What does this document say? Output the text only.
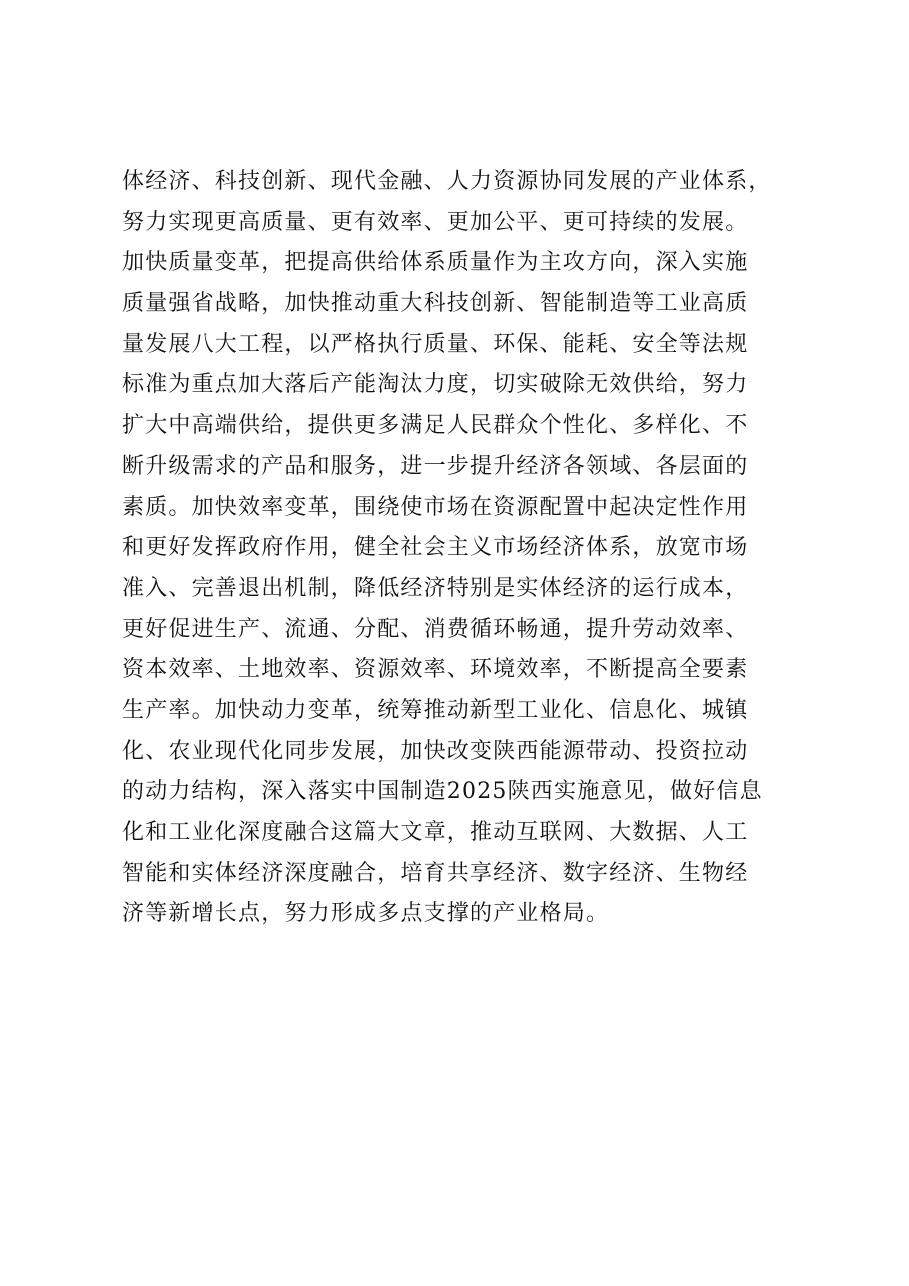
体经济、科技创新、现代金融、人力资源协同发展的产业体系，
努力实现更高质量、更有效率、更加公平、更可持续的发展。
加快质量变革，把提高供给体系质量作为主攻方向，深入实施
质量强省战略，加快推动重大科技创新、智能制造等工业高质
量发展八大工程，以严格执行质量、环保、能耗、安全等法规
标准为重点加大落后产能淘汰力度，切实破除无效供给，努力
扩大中高端供给，提供更多满足人民群众个性化、多样化、不
断升级需求的产品和服务，进一步提升经济各领域、各层面的
素质。加快效率变革，围绕使市场在资源配置中起决定性作用
和更好发挥政府作用，健全社会主义市场经济体系，放宽市场
准入、完善退出机制，降低经济特别是实体经济的运行成本，
更好促进生产、流通、分配、消费循环畅通，提升劳动效率、
资本效率、土地效率、资源效率、环境效率，不断提高全要素
生产率。加快动力变革，统筹推动新型工业化、信息化、城镇
化、农业现代化同步发展，加快改变陕西能源带动、投资拉动
的动力结构，深入落实中国制造2025陕西实施意见，做好信息
化和工业化深度融合这篇大文章，推动互联网、大数据、人工
智能和实体经济深度融合，培育共享经济、数字经济、生物经
济等新增长点，努力形成多点支撑的产业格局。
